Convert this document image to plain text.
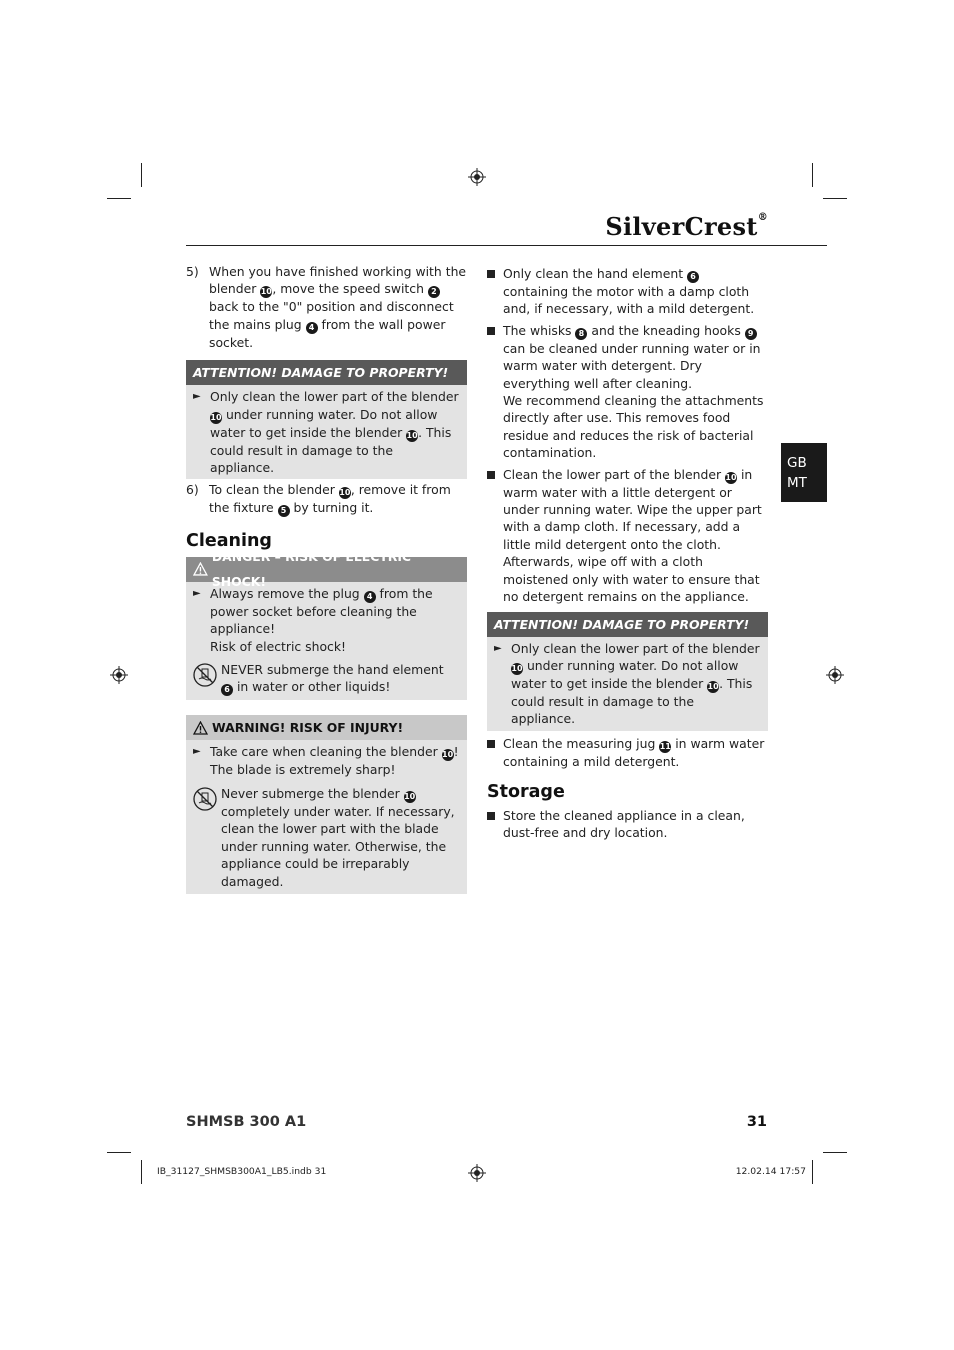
SilverCrest®
5) When you have finished working with the blender 10, move the speed switch 2 back to the "0" position and disconnect the mains plug 4 from the wall power socket.

ATTENTION! DAMAGE TO PROPERTY!
► Only clean the lower part of the blender 10 under running water. Do not allow water to get inside the blender 10. This could result in damage to the appliance.

6) To clean the blender 10, remove it from the fixture 5 by turning it.

Cleaning
DANGER – RISK OF ELECTRIC SHOCK!
► Always remove the plug 4 from the power socket before cleaning the appliance!

Risk of electric shock!

NEVER submerge the hand element 6 in water or other liquids!

WARNING! RISK OF INJURY!
► Take care when cleaning the blender 10!

The blade is extremely sharp!

Never submerge the blender 10 completely under water. If necessary, clean the lower part with the blade under running water. Otherwise, the appliance could be irreparably damaged.

Only clean the hand element 6 containing the motor with a damp cloth and, if necessary, with a mild detergent.

The whisks 8 and the kneading hooks 9 can be cleaned under running water or in warm water with detergent. Dry everything well after cleaning.

We recommend cleaning the attachments directly after use. This removes food residue and reduces the risk of bacterial contamination.

Clean the lower part of the blender 10 in warm water with a little detergent or under running water. Wipe the upper part with a damp cloth. If necessary, add a little mild detergent onto the cloth. Afterwards, wipe off with a cloth moistened only with water to ensure that no detergent remains on the appliance.

ATTENTION! DAMAGE TO PROPERTY!
► Only clean the lower part of the blender 10 under running water. Do not allow water to get inside the blender 10. This could result in damage to the appliance.

Clean the measuring jug 11 in warm water containing a mild detergent.

Storage

Store the cleaned appliance in a clean, dust-free and dry location.

GB
MT
SHMSB 300 A1	31
IB_31127_SHMSB300A1_LB5.indb 31	12.02.14 17:57
